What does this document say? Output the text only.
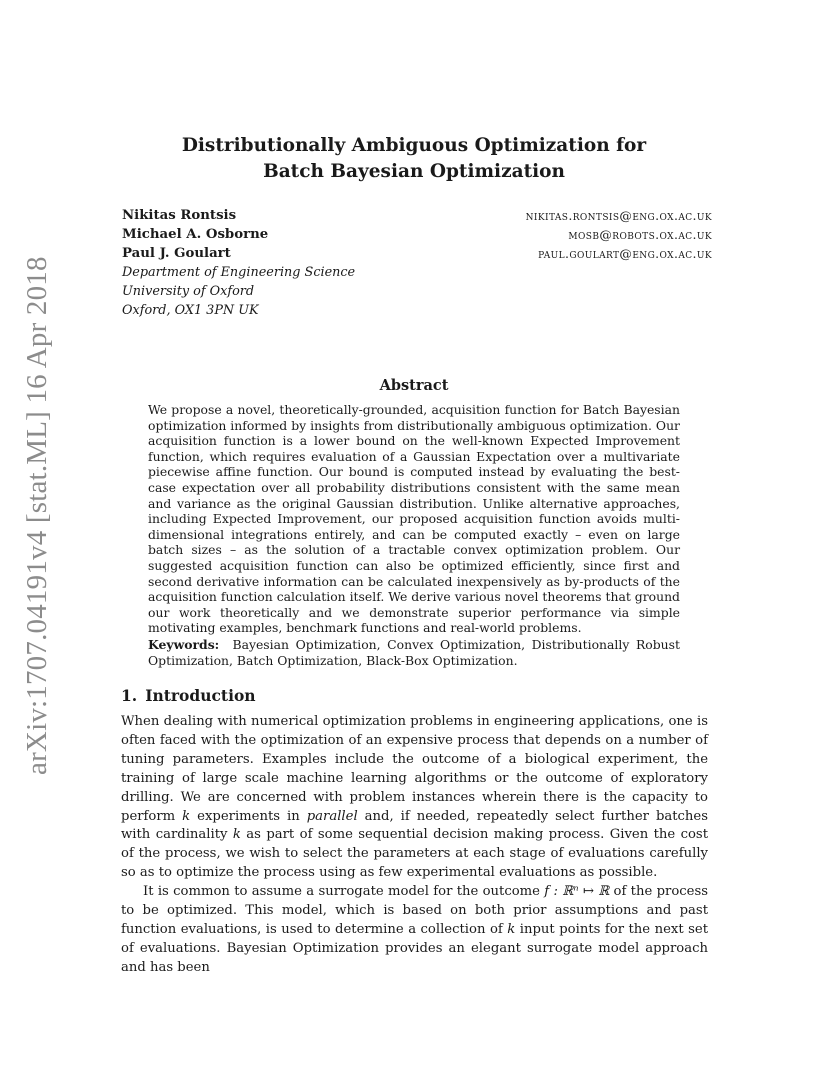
arXiv:1707.04191v4 [stat.ML] 16 Apr 2018
Distributionally Ambiguous Optimization for
Batch Bayesian Optimization
Nikitas Rontsis	nikitas.rontsis@eng.ox.ac.uk
Michael A. Osborne	mosb@robots.ox.ac.uk
Paul J. Goulart	paul.goulart@eng.ox.ac.uk
Department of Engineering Science
University of Oxford
Oxford, OX1 3PN UK
Abstract

We propose a novel, theoretically-grounded, acquisition function for Batch Bayesian optimization informed by insights from distributionally ambiguous optimization. Our acquisition function is a lower bound on the well-known Expected Improvement function, which requires evaluation of a Gaussian Expectation over a multivariate piecewise affine function. Our bound is computed instead by evaluating the best-case expectation over all probability distributions consistent with the same mean and variance as the original Gaussian distribution. Unlike alternative approaches, including Expected Improvement, our proposed acquisition function avoids multi-dimensional integrations entirely, and can be computed exactly – even on large batch sizes – as the solution of a tractable convex optimization problem. Our suggested acquisition function can also be optimized efficiently, since first and second derivative information can be calculated inexpensively as by-products of the acquisition function calculation itself. We derive various novel theorems that ground our work theoretically and we demonstrate superior performance via simple motivating examples, benchmark functions and real-world problems.

Keywords: Bayesian Optimization, Convex Optimization, Distributionally Robust Optimization, Batch Optimization, Black-Box Optimization.

1. Introduction

When dealing with numerical optimization problems in engineering applications, one is often faced with the optimization of an expensive process that depends on a number of tuning parameters. Examples include the outcome of a biological experiment, the training of large scale machine learning algorithms or the outcome of exploratory drilling. We are concerned with problem instances wherein there is the capacity to perform k experiments in parallel and, if needed, repeatedly select further batches with cardinality k as part of some sequential decision making process. Given the cost of the process, we wish to select the parameters at each stage of evaluations carefully so as to optimize the process using as few experimental evaluations as possible.

It is common to assume a surrogate model for the outcome f : ℝⁿ ↦ ℝ of the process to be optimized. This model, which is based on both prior assumptions and past function evaluations, is used to determine a collection of k input points for the next set of evaluations. Bayesian Optimization provides an elegant surrogate model approach and has been
